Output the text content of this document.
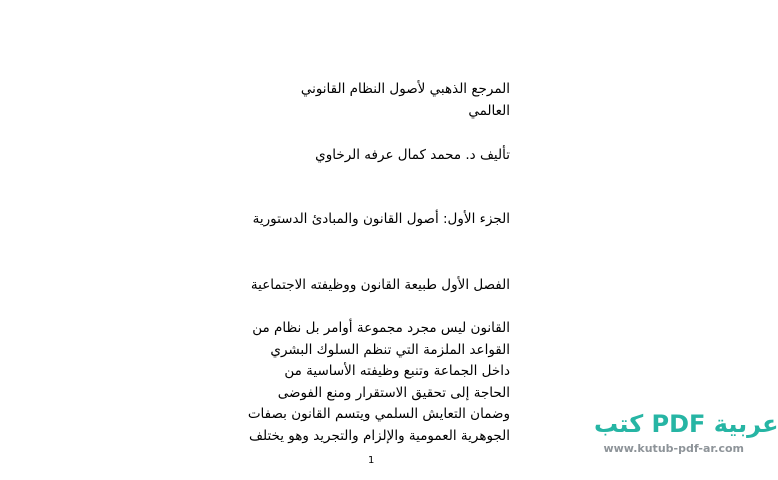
المرجع الذهبي لأصول النظام القانوني
العالمي
تأليف د. محمد كمال عرفه الرخاوي
الجزء الأول: أصول القانون والمبادئ الدستورية
الفصل الأول طبيعة القانون ووظيفته الاجتماعية
القانون ليس مجرد مجموعة أوامر بل نظام من
القواعد الملزمة التي تنظم السلوك البشري
داخل الجماعة وتنبع وظيفته الأساسية من
الحاجة إلى تحقيق الاستقرار ومنع الفوضى
وضمان التعايش السلمي ويتسم القانون بصفات
الجوهرية العمومية والإلزام والتجريد وهو يختلف
1
كتب PDF عربية
www.kutub-pdf-ar.com
